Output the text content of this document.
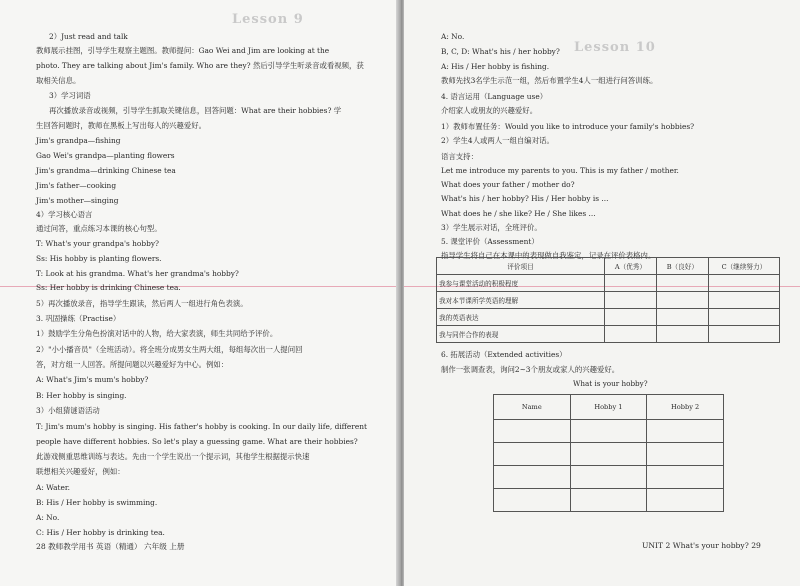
Lesson 9
2）Just read and talk
教师展示挂图，引导学生观察主题图。教师提问：Gao Wei and Jim are looking at the
photo. They are talking about Jim's family. Who are they? 然后引导学生听录音或看视频，获
取相关信息。
3）学习词语
再次播放录音或视频，引导学生抓取关键信息，回答问题：What are their hobbies? 学
生回答问题时，教师在黑板上写出每人的兴趣爱好。
Jim's grandpa—fishing
Gao Wei's grandpa—planting flowers
Jim's grandma—drinking Chinese tea
Jim's father—cooking
Jim's mother—singing
4）学习核心语言
通过问答，重点练习本课的核心句型。
T: What's your grandpa's hobby?
Ss: His hobby is planting flowers.
T: Look at his grandma. What's her grandma's hobby?
Ss: Her hobby is drinking Chinese tea.
5）再次播放录音，指导学生跟读，然后两人一组进行角色表演。
3. 巩固操练（Practise）
1）鼓励学生分角色扮演对话中的人物，给大家表演，师生共同给予评价。
2）"小小播音员"（全班活动）。将全班分成男女生两大组，每组每次出一人提问回
答，对方组一人回答。所提问题以兴趣爱好为中心。例如：
A: What's Jim's mum's hobby?
B: Her hobby is singing.
3）小组猜谜语活动
T: Jim's mum's hobby is singing. His father's hobby is cooking. In our daily life, different
people have different hobbies. So let's play a guessing game. What are their hobbies?
此游戏侧重思维训练与表达。先由一个学生说出一个提示词，其他学生根据提示快速
联想相关兴趣爱好，例如：
A: Water.
B: His / Her hobby is swimming.
A: No.
C: His / Her hobby is drinking tea.
28 教师教学用书 英语（精通） 六年级 上册
Lesson 10
A: No.
B, C, D: What's his / her hobby?
A: His / Her hobby is fishing.
教师先找3名学生示范一组，然后布置学生4人一组进行问答训练。
4. 语言运用（Language use）
介绍家人或朋友的兴趣爱好。
1）教师布置任务：Would you like to introduce your family's hobbies?
2）学生4人或两人一组自编对话。
语言支持：
Let me introduce my parents to you. This is my father / mother.
What does your father / mother do?
What's his / her hobby? His / Her hobby is ...
What does he / she like? He / She likes ...
3）学生展示对话，全班评价。
5. 课堂评价（Assessment）
指导学生将自己在本课中的表现做自我鉴定，记录在评价表格内。
UNIT 2 What's your hobby? 29
评价项目	A（优秀）	B（良好）	C（继续努力）
我参与课堂活动的积极程度			
我对本节课所学英语的理解			
我的英语表达			
我与同伴合作的表现			
6. 拓展活动（Extended activities）
制作一张调查表，询问2~3个朋友或家人的兴趣爱好。
What is your hobby?
Name	Hobby 1	Hobby 2
